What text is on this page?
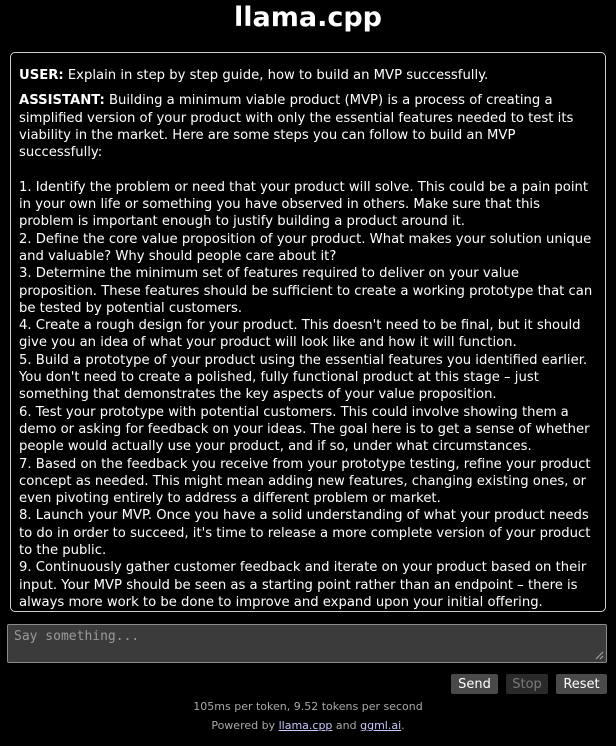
llama.cpp

USER: Explain in step by step guide, how to build an MVP successfully.

ASSISTANT: Building a minimum viable product (MVP) is a process of creating a simplified version of your product with only the essential features needed to test its viability in the market. Here are some steps you can follow to build an MVP successfully:

1. Identify the problem or need that your product will solve. This could be a pain point in your own life or something you have observed in others. Make sure that this problem is important enough to justify building a product around it.
2. Define the core value proposition of your product. What makes your solution unique and valuable? Why should people care about it?
3. Determine the minimum set of features required to deliver on your value proposition. These features should be sufficient to create a working prototype that can be tested by potential customers.
4. Create a rough design for your product. This doesn't need to be final, but it should give you an idea of what your product will look like and how it will function.
5. Build a prototype of your product using the essential features you identified earlier. You don't need to create a polished, fully functional product at this stage – just something that demonstrates the key aspects of your value proposition.
6. Test your prototype with potential customers. This could involve showing them a demo or asking for feedback on your ideas. The goal here is to get a sense of whether people would actually use your product, and if so, under what circumstances.
7. Based on the feedback you receive from your prototype testing, refine your product concept as needed. This might mean adding new features, changing existing ones, or even pivoting entirely to address a different problem or market.
8. Launch your MVP. Once you have a solid understanding of what your product needs to do in order to succeed, it's time to release a more complete version of your product to the public.
9. Continuously gather customer feedback and iterate on your product based on their input. Your MVP should be seen as a starting point rather than an endpoint – there is always more work to be done to improve and expand upon your initial offering.

Say something...
Send	Stop	Reset
105ms per token, 9.52 tokens per second
Powered by llama.cpp and ggml.ai.
